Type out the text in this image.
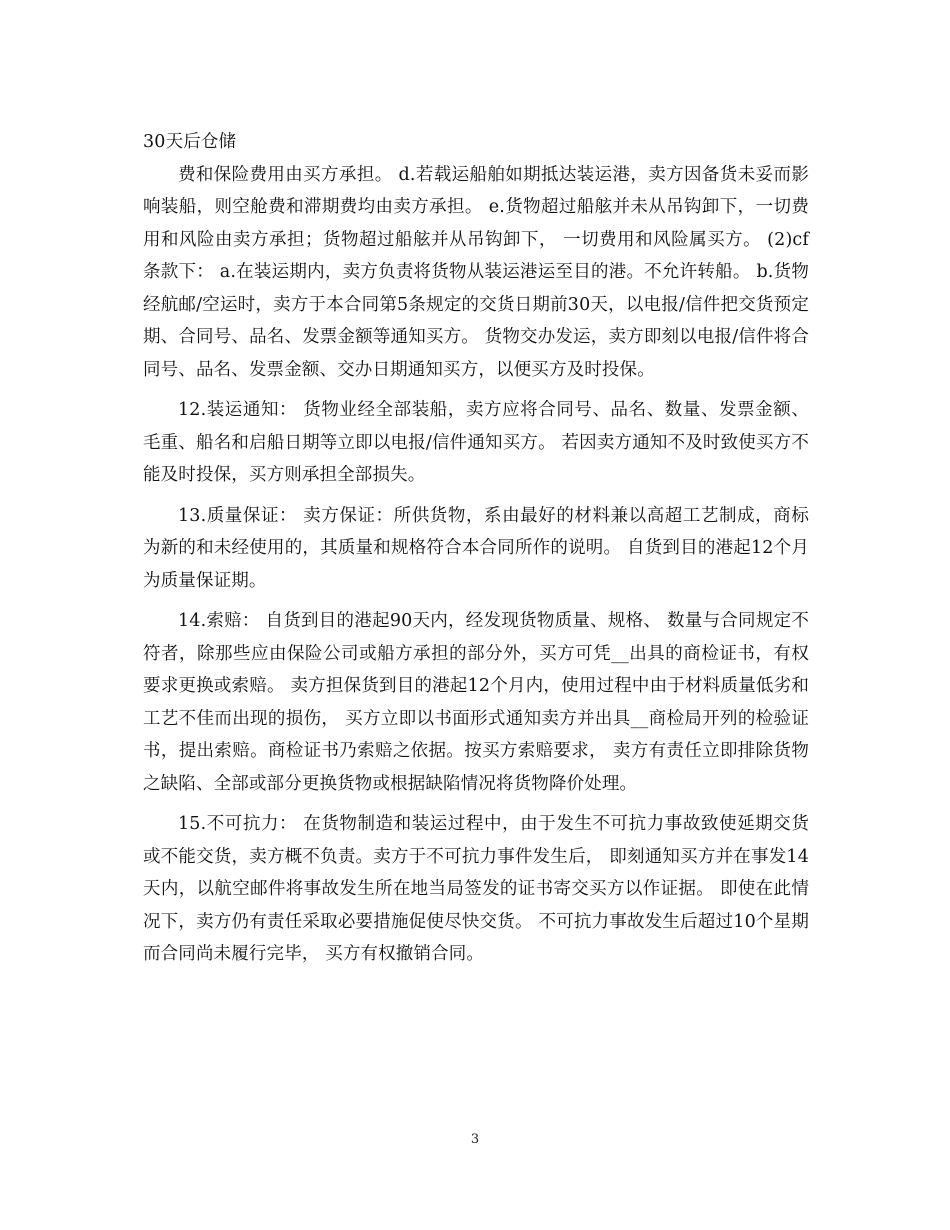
30天后仓储

费和保险费用由买方承担。 d.若载运船舶如期抵达装运港，卖方因备货未妥而影响装船，则空舱费和滞期费均由卖方承担。 e.货物超过船舷并未从吊钩卸下，一切费用和风险由卖方承担；货物超过船舷并从吊钩卸下， 一切费用和风险属买方。 (2)cf条款下： a.在装运期内，卖方负责将货物从装运港运至目的港。不允许转船。 b.货物经航邮/空运时，卖方于本合同第5条规定的交货日期前30天，以电报/信件把交货预定期、合同号、品名、发票金额等通知买方。 货物交办发运，卖方即刻以电报/信件将合同号、品名、发票金额、交办日期通知买方，以便买方及时投保。

12.装运通知： 货物业经全部装船，卖方应将合同号、品名、数量、发票金额、毛重、船名和启船日期等立即以电报/信件通知买方。 若因卖方通知不及时致使买方不能及时投保，买方则承担全部损失。

13.质量保证： 卖方保证：所供货物，系由最好的材料兼以高超工艺制成，商标为新的和未经使用的，其质量和规格符合本合同所作的说明。 自货到目的港起12个月为质量保证期。

14.索赔： 自货到目的港起90天内，经发现货物质量、规格、 数量与合同规定不符者，除那些应由保险公司或船方承担的部分外，买方可凭__出具的商检证书，有权要求更换或索赔。 卖方担保货到目的港起12个月内，使用过程中由于材料质量低劣和工艺不佳而出现的损伤， 买方立即以书面形式通知卖方并出具__商检局开列的检验证书，提出索赔。商检证书乃索赔之依据。按买方索赔要求， 卖方有责任立即排除货物之缺陷、全部或部分更换货物或根据缺陷情况将货物降价处理。

15.不可抗力： 在货物制造和装运过程中，由于发生不可抗力事故致使延期交货或不能交货，卖方概不负责。卖方于不可抗力事件发生后， 即刻通知买方并在事发14天内，以航空邮件将事故发生所在地当局签发的证书寄交买方以作证据。 即使在此情况下，卖方仍有责任采取必要措施促使尽快交货。 不可抗力事故发生后超过10个星期而合同尚未履行完毕， 买方有权撤销合同。

3
